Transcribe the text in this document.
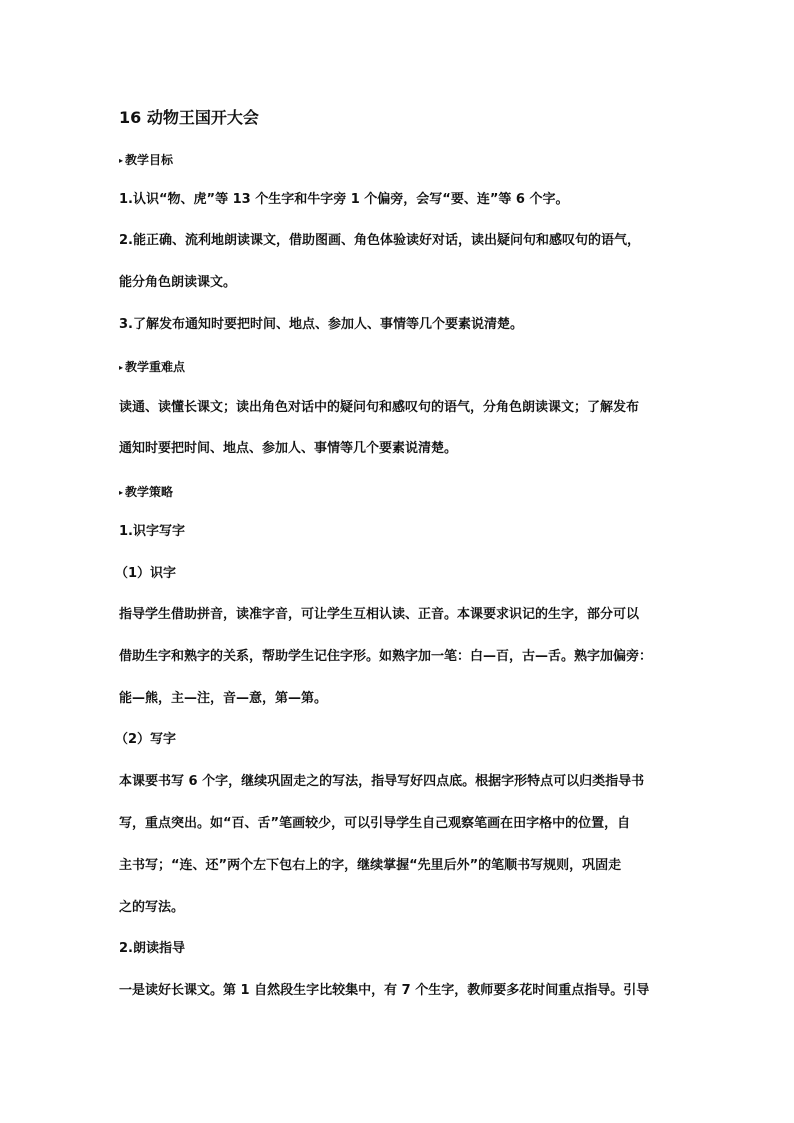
16 动物王国开大会

▸ 教学目标

1.认识“物、虎”等 13 个生字和牛字旁 1 个偏旁，会写“要、连”等 6 个字。

2.能正确、流利地朗读课文，借助图画、角色体验读好对话，读出疑问句和感叹句的语气，

能分角色朗读课文。

3.了解发布通知时要把时间、地点、参加人、事情等几个要素说清楚。

▸ 教学重难点

读通、读懂长课文；读出角色对话中的疑问句和感叹句的语气，分角色朗读课文；了解发布

通知时要把时间、地点、参加人、事情等几个要素说清楚。

▸ 教学策略

1.识字写字

（1）识字

指导学生借助拼音，读准字音，可让学生互相认读、正音。本课要求识记的生字，部分可以

借助生字和熟字的关系，帮助学生记住字形。如熟字加一笔：白—百，古—舌。熟字加偏旁：

能—熊，主—注，音—意，第—第。

（2）写字

本课要书写 6 个字，继续巩固走之的写法，指导写好四点底。根据字形特点可以归类指导书

写，重点突出。如“百、舌”笔画较少，可以引导学生自己观察笔画在田字格中的位置，自

主书写；“连、还”两个左下包右上的字，继续掌握“先里后外”的笔顺书写规则，巩固走

之的写法。

2.朗读指导

一是读好长课文。第 1 自然段生字比较集中，有 7 个生字，教师要多花时间重点指导。引导
